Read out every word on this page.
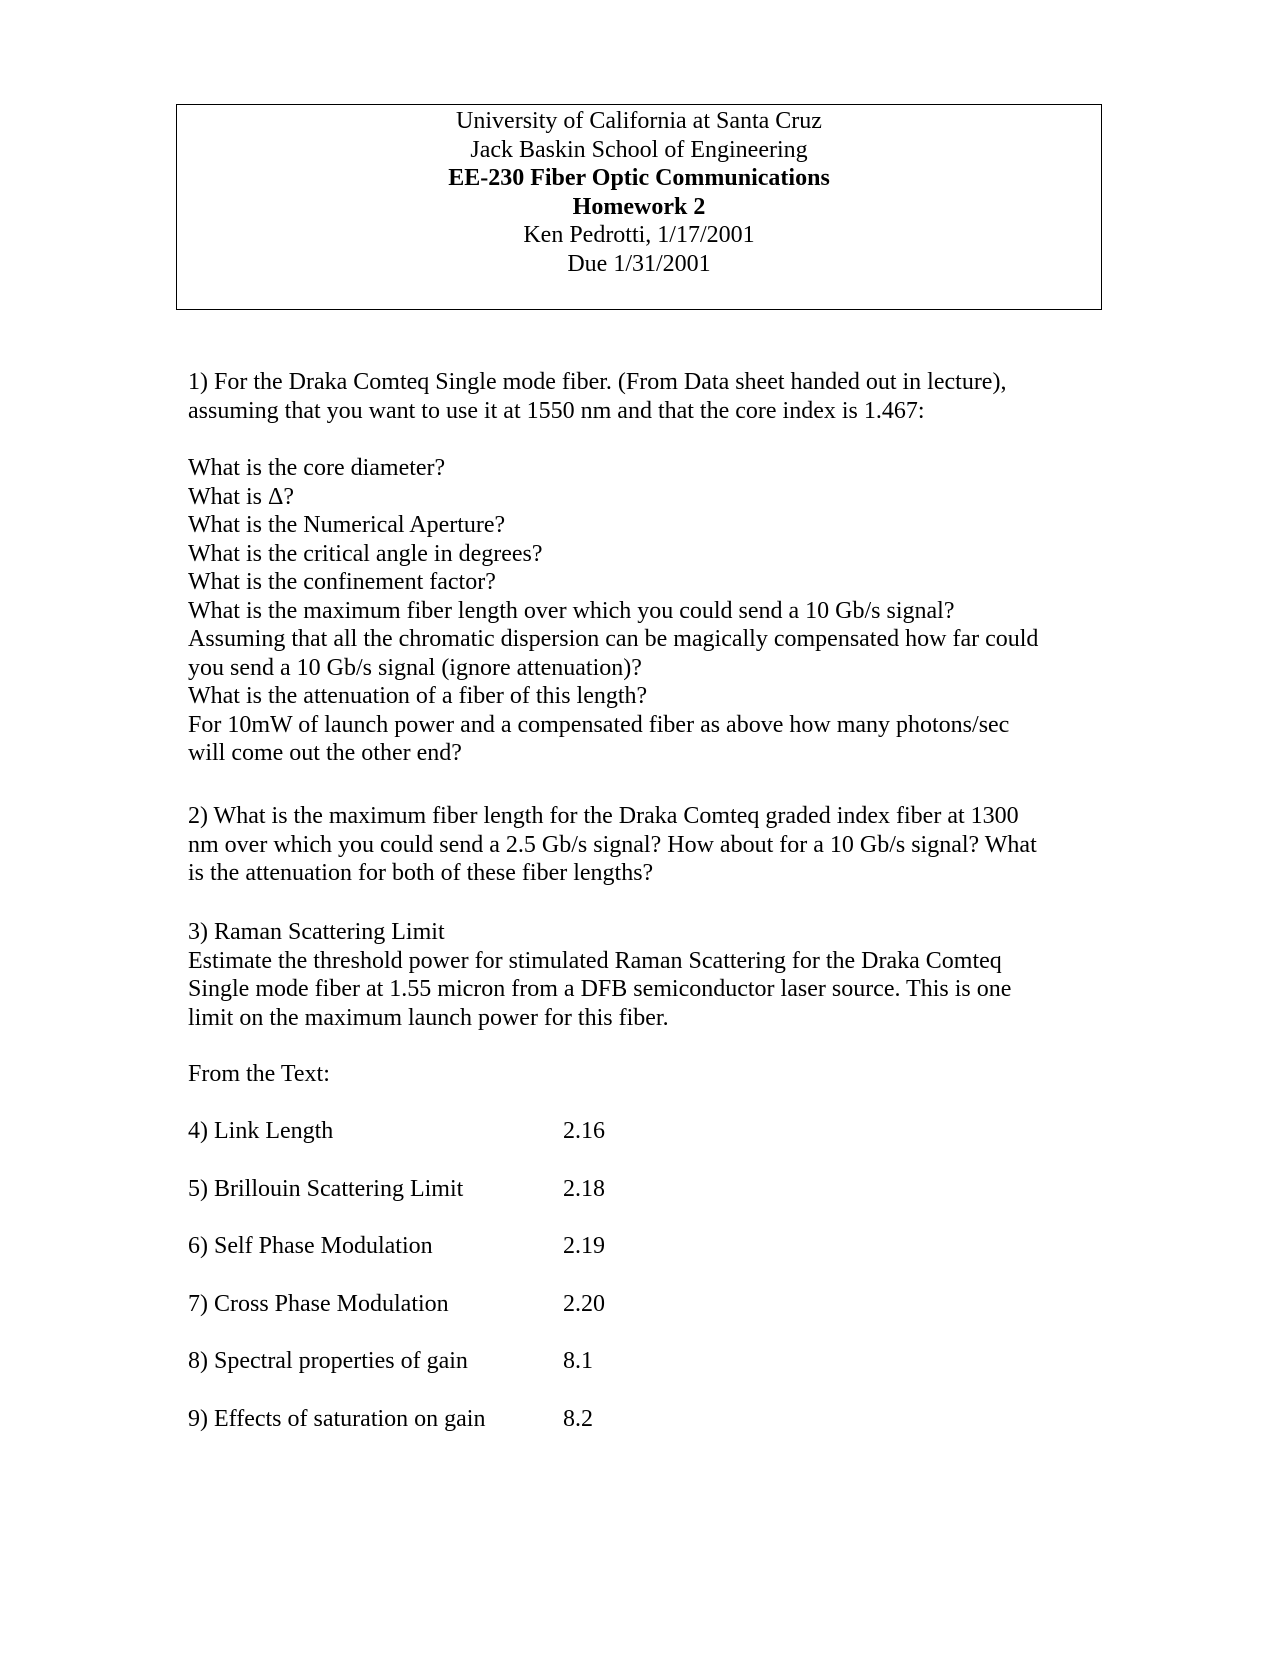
University of California at Santa Cruz
Jack Baskin School of Engineering
EE-230 Fiber Optic Communications
Homework 2
Ken Pedrotti, 1/17/2001
Due 1/31/2001
1) For the Draka Comteq Single mode fiber. (From Data sheet handed out in lecture),
assuming that you want to use it at 1550 nm and that the core index is 1.467:
What is the core diameter?
What is Δ?
What is the Numerical Aperture?
What is the critical angle in degrees?
What is the confinement factor?
What is the maximum fiber length over which you could send a 10 Gb/s signal?
Assuming that all the chromatic dispersion can be magically compensated how far could
you send a 10 Gb/s signal (ignore attenuation)?
What is the attenuation of a fiber of this length?
For 10mW of launch power and a compensated fiber as above how many photons/sec
will come out the other end?
2) What is the maximum fiber length for the Draka Comteq graded index fiber at 1300
nm over which you could send a 2.5 Gb/s signal? How about for a 10 Gb/s signal? What
is the attenuation for both of these fiber lengths?
3) Raman Scattering Limit
Estimate the threshold power for stimulated Raman Scattering for the Draka Comteq
Single mode fiber at 1.55 micron from a DFB semiconductor laser source. This is one
limit on the maximum launch power for this fiber.
From the Text:
4) Link Length	2.16
5) Brillouin Scattering Limit	2.18
6) Self Phase Modulation	2.19
7) Cross Phase Modulation	2.20
8) Spectral properties of gain	8.1
9) Effects of saturation on gain	8.2
